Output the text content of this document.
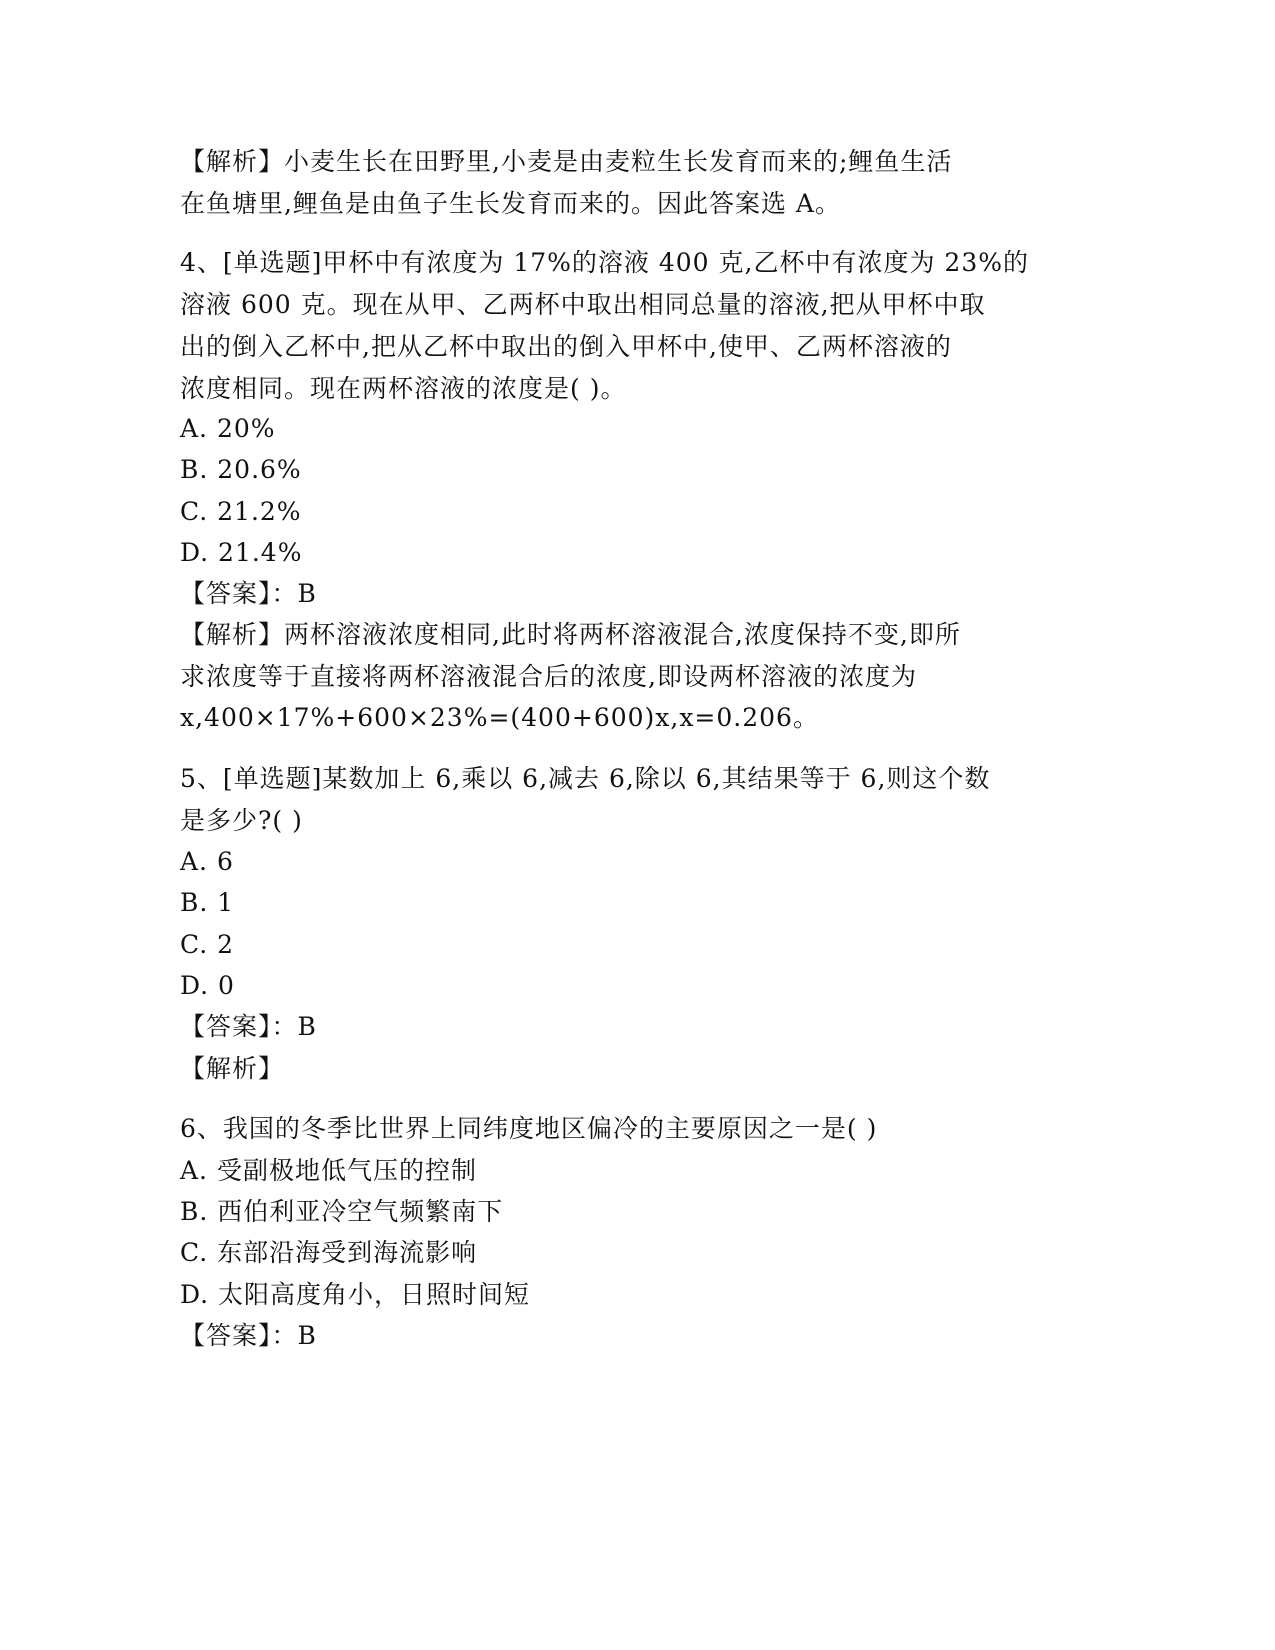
【解析】小麦生长在田野里,小麦是由麦粒生长发育而来的;鲤鱼生活
在鱼塘里,鲤鱼是由鱼子生长发育而来的。因此答案选 A。
4、[单选题]甲杯中有浓度为 17%的溶液 400 克,乙杯中有浓度为 23%的
溶液 600 克。现在从甲、乙两杯中取出相同总量的溶液,把从甲杯中取
出的倒入乙杯中,把从乙杯中取出的倒入甲杯中,使甲、乙两杯溶液的
浓度相同。现在两杯溶液的浓度是( )。
A. 20%
B. 20.6%
C. 21.2%
D. 21.4%
【答案】：B
【解析】两杯溶液浓度相同,此时将两杯溶液混合,浓度保持不变,即所
求浓度等于直接将两杯溶液混合后的浓度,即设两杯溶液的浓度为
x,400×17%+600×23%=(400+600)x,x=0.206。
5、[单选题]某数加上 6,乘以 6,减去 6,除以 6,其结果等于 6,则这个数
是多少?( )
A. 6
B. 1
C. 2
D. 0
【答案】：B
【解析】
6、我国的冬季比世界上同纬度地区偏冷的主要原因之一是( )
A. 受副极地低气压的控制
B. 西伯利亚冷空气频繁南下
C. 东部沿海受到海流影响
D. 太阳高度角小，日照时间短
【答案】：B
